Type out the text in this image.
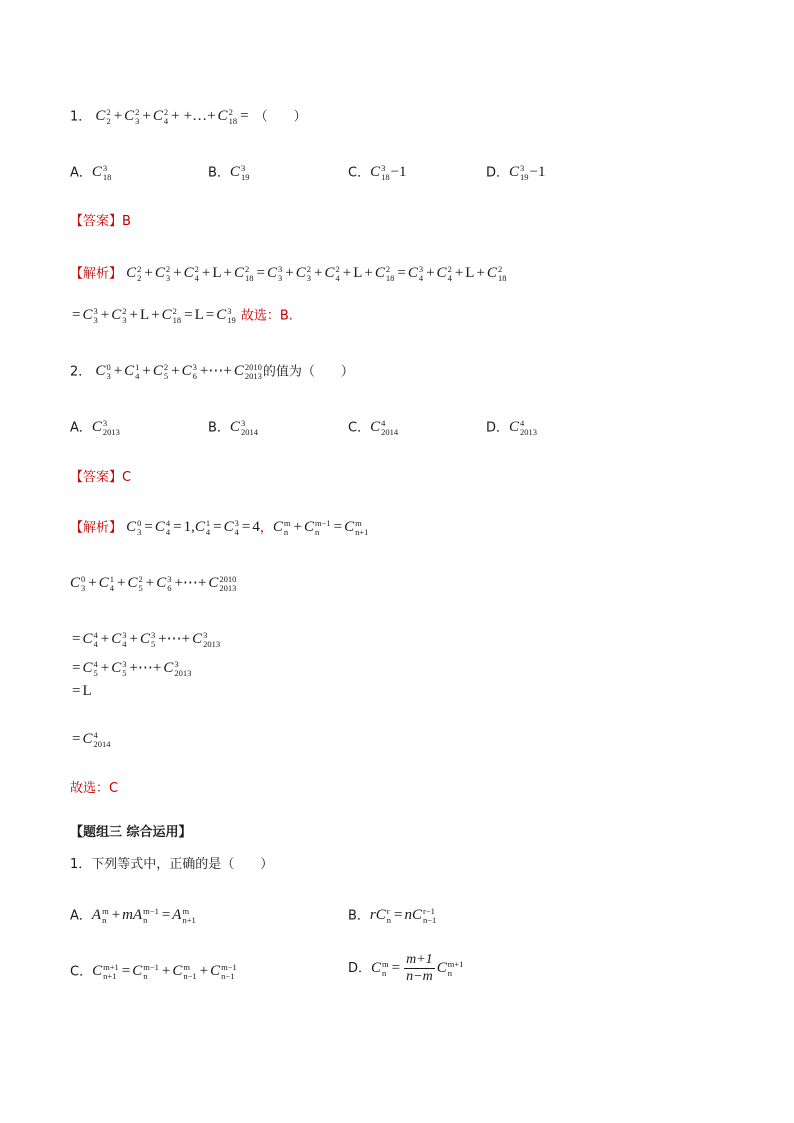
1． C 2
2 + C 2
3 + C 2
4 + +…+ C 2
18 = （　　）
A．C 3
18	B．C 3
19	C．C 3
18 −1	D．C 3
19 −1
【答案】B
【解析】 C 2
2 + C 2
3 + C 2
4 + L + C 2
18 = C 3
3 + C 2
3 + C 2
4 + L + C 2
18 = C 3
4 + C 2
4 + L + C 2
18
= C 3
3 + C 2
3 + L + C 2
18 = L = C 3
19 故选：B.
2． C 0
3 + C 1
4 + C 2
5 + C 3
6 +⋯+ C 2010
2013 的值为（　　）
A．C 3
2013	B．C 3
2014	C．C 4
2014	D．C 4
2013
【答案】C
【解析】 C 0
3 = C 4
4 = 1,C 1
4 = C 3
4 = 4，C m
n + C m−1
n = C m
n+1
C 0
3 + C 1
4 + C 2
5 + C 3
6 +⋯+ C 2010
2013
= C 4
4 + C 3
4 + C 3
5 +⋯+ C 3
2013
= C 4
5 + C 3
5 +⋯+ C 3
2013
= L
= C 4
2014
故选：C
【题组三 综合运用】
1．下列等式中，正确的是（　　）
A．A m
n + mA m−1
n = A m
n+1	B．rC r
n = nC r−1
n−1
C．C m+1
n+1 = C m−1
n + C m
n−1 + C m−1
n−1	D．C m
$n = \frac{m+1}{n-m}$ C m+1
n
